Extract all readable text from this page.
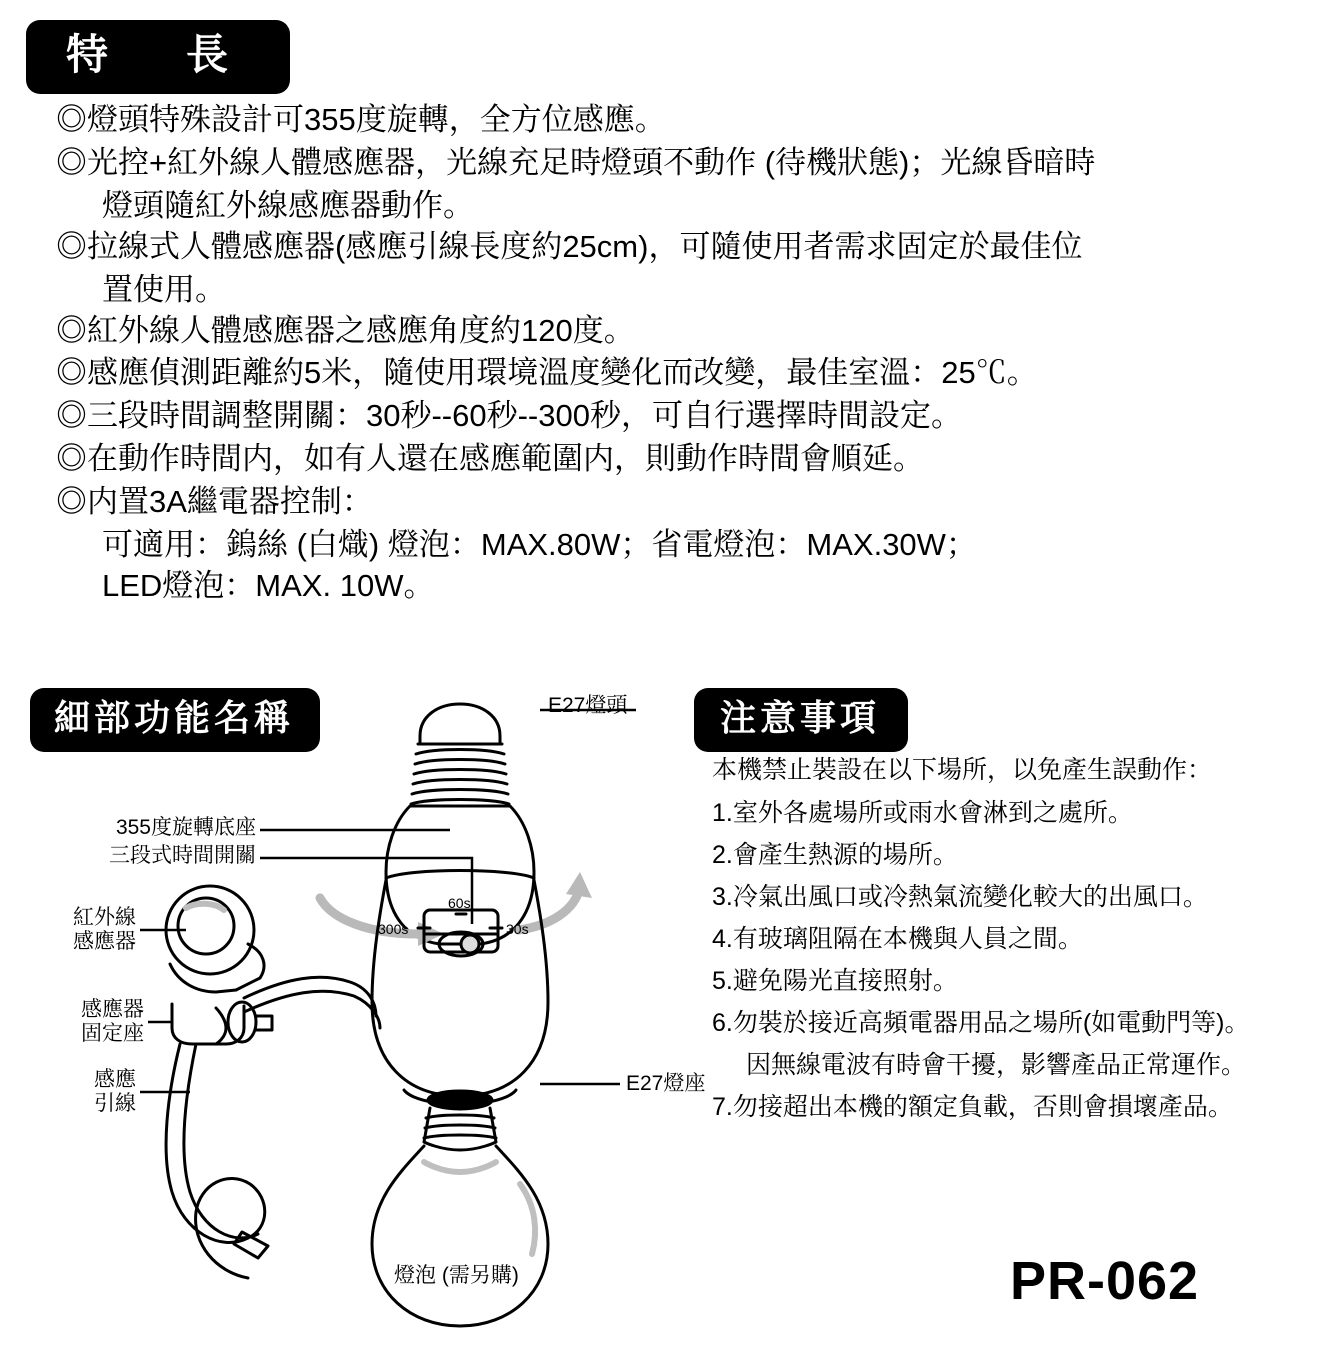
特　長
◎燈頭特殊設計可355度旋轉，全方位感應。
◎光控+紅外線人體感應器，光線充足時燈頭不動作 (待機狀態)；光線昏暗時
燈頭隨紅外線感應器動作。
◎拉線式人體感應器(感應引線長度約25cm)，可隨使用者需求固定於最佳位
置使用。
◎紅外線人體感應器之感應角度約120度。
◎感應偵測距離約5米，隨使用環境溫度變化而改變，最佳室溫：25℃。
◎三段時間調整開關：30秒--60秒--300秒，可自行選擇時間設定。
◎在動作時間内，如有人還在感應範圍内，則動作時間會順延。
◎内置3A繼電器控制：
可適用：鎢絲 (白熾) 燈泡：MAX.80W；省電燈泡：MAX.30W；
LED燈泡：MAX. 10W。
細部功能名稱	注意事項
本機禁止裝設在以下場所，以免產生誤動作：
1.室外各處場所或雨水會淋到之處所。
2.會產生熱源的場所。
3.冷氣出風口或冷熱氣流變化較大的出風口。
4.有玻璃阻隔在本機與人員之間。
5.避免陽光直接照射。
6.勿裝於接近高頻電器用品之場所(如電動門等)。
因無線電波有時會干擾，影響產品正常運作。
7.勿接超出本機的額定負載，否則會損壞產品。
PR-062
300s
60s
30s
E27燈頭
355度旋轉底座
三段式時間開關
紅外線
感應器
感應器
固定座
感應
引線
E27燈座
燈泡 (需另購)
